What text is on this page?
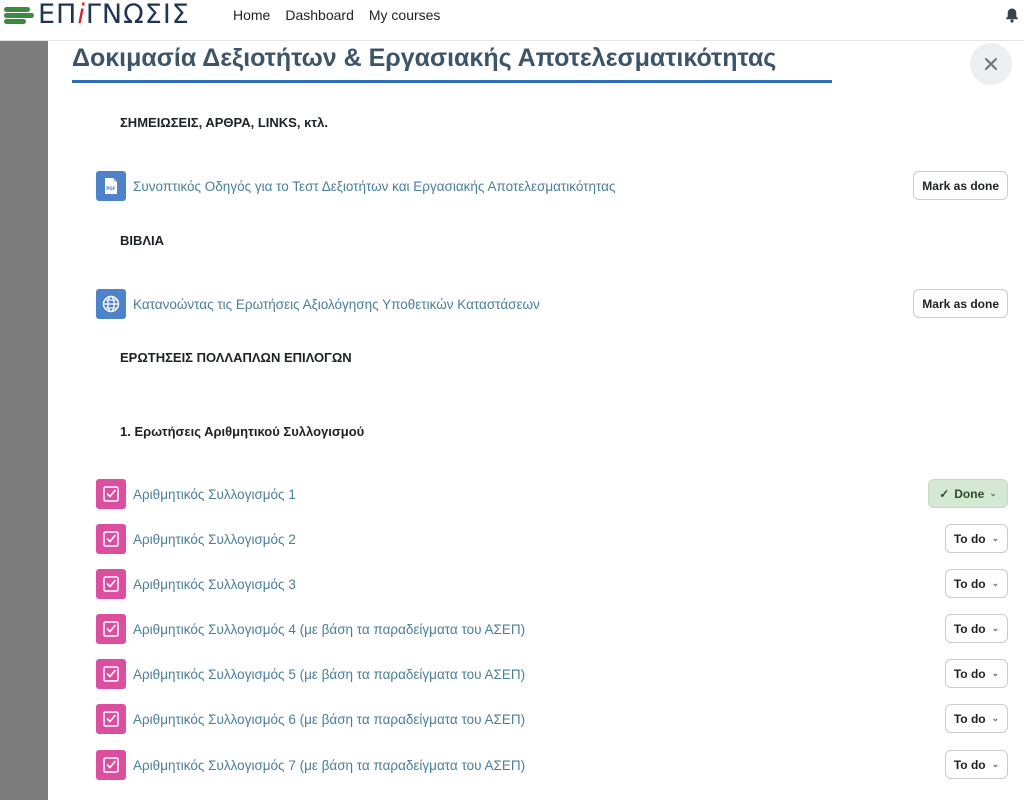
ΕΠiΓΝΩΣΙΣ	Home Dashboard My courses
Δοκιμασία Δεξιοτήτων & Εργασιακής Αποτελεσματικότητας
ΣΗΜΕΙΩΣΕΙΣ, ΑΡΘΡΑ, LINKS, κτλ.
PDF Συνοπτικός Οδηγός για το Τεστ Δεξιοτήτων και Εργασιακής Αποτελεσματικότητας	Mark as done
ΒΙΒΛΙΑ
Κατανοώντας τις Ερωτήσεις Αξιολόγησης Υποθετικών Καταστάσεων	Mark as done
ΕΡΩΤΗΣΕΙΣ ΠΟΛΛΑΠΛΩΝ ΕΠΙΛΟΓΩΝ
1. Ερωτήσεις Αριθμητικού Συλλογισμού
Αριθμητικός Συλλογισμός 1	✓ Done ⌄
Αριθμητικός Συλλογισμός 2	To do ⌄
Αριθμητικός Συλλογισμός 3	To do ⌄
Αριθμητικός Συλλογισμός 4 (με βάση τα παραδείγματα του ΑΣΕΠ)	To do ⌄
Αριθμητικός Συλλογισμός 5 (με βάση τα παραδείγματα του ΑΣΕΠ)	To do ⌄
Αριθμητικός Συλλογισμός 6 (με βάση τα παραδείγματα του ΑΣΕΠ)	To do ⌄
Αριθμητικός Συλλογισμός 7 (με βάση τα παραδείγματα του ΑΣΕΠ)	To do ⌄
